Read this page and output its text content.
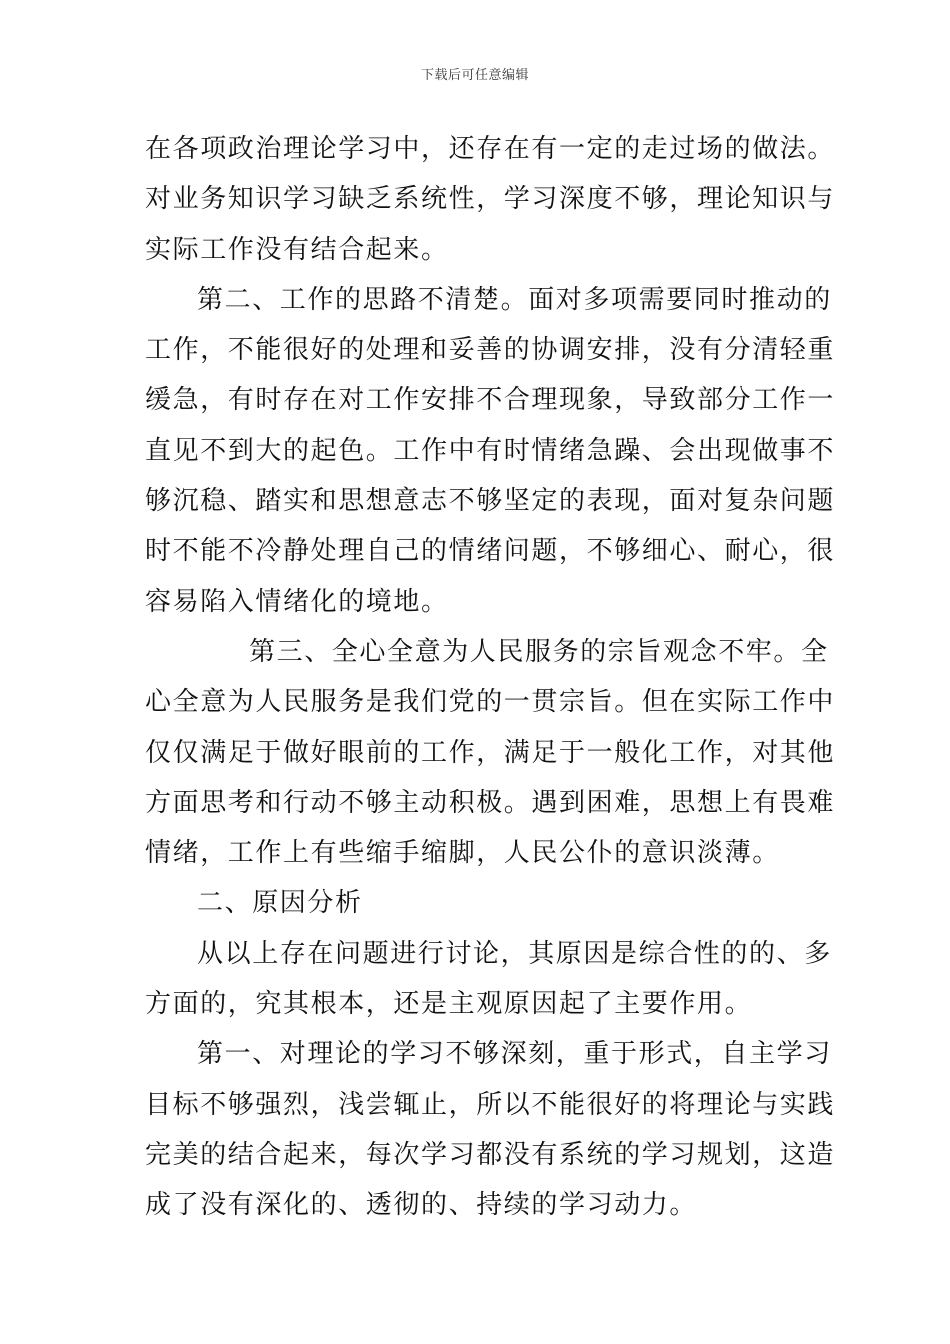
下载后可任意编辑
在各项政治理论学习中，还存在有一定的走过场的做法。
对业务知识学习缺乏系统性，学习深度不够，理论知识与
实际工作没有结合起来。
第二、工作的思路不清楚。面对多项需要同时推动的
工作，不能很好的处理和妥善的协调安排，没有分清轻重
缓急，有时存在对工作安排不合理现象，导致部分工作一
直见不到大的起色。工作中有时情绪急躁、会出现做事不
够沉稳、踏实和思想意志不够坚定的表现，面对复杂问题
时不能不冷静处理自己的情绪问题，不够细心、耐心，很
容易陷入情绪化的境地。
第三、全心全意为人民服务的宗旨观念不牢。全
心全意为人民服务是我们党的一贯宗旨。但在实际工作中
仅仅满足于做好眼前的工作，满足于一般化工作，对其他
方面思考和行动不够主动积极。遇到困难，思想上有畏难
情绪，工作上有些缩手缩脚，人民公仆的意识淡薄。
二、原因分析
从以上存在问题进行讨论，其原因是综合性的的、多
方面的，究其根本，还是主观原因起了主要作用。
第一、对理论的学习不够深刻，重于形式，自主学习
目标不够强烈，浅尝辄止，所以不能很好的将理论与实践
完美的结合起来，每次学习都没有系统的学习规划，这造
成了没有深化的、透彻的、持续的学习动力。
